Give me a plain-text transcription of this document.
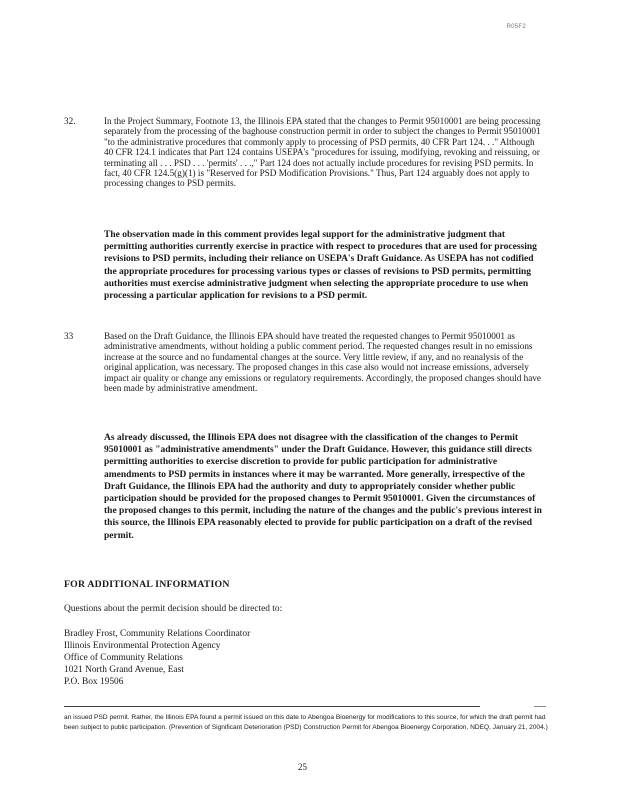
R05F2
32.	In the Project Summary, Footnote 13, the Illinois EPA stated that the changes to Permit 95010001 are being processing separately from the processing of the baghouse construction permit in order to subject the changes to Permit 95010001 "to the administrative procedures that commonly apply to processing of PSD permits, 40 CFR Part 124. . ." Although 40 CFR 124.1 indicates that Part 124 contains USEPA's "procedures for issuing, modifying, revoking and reissuing, or terminating all . . . PSD . . . 'permits' . . .," Part 124 does not actually include procedures for revising PSD permits. In fact, 40 CFR 124.5(g)(1) is "Reserved for PSD Modification Provisions." Thus, Part 124 arguably does not apply to processing changes to PSD permits.

The observation made in this comment provides legal support for the administrative judgment that permitting authorities currently exercise in practice with respect to procedures that are used for processing revisions to PSD permits, including their reliance on USEPA's Draft Guidance. As USEPA has not codified the appropriate procedures for processing various types or classes of revisions to PSD permits, permitting authorities must exercise administrative judgment when selecting the appropriate procedure to use when processing a particular application for revisions to a PSD permit.

33	Based on the Draft Guidance, the Illinois EPA should have treated the requested changes to Permit 95010001 as administrative amendments, without holding a public comment period. The requested changes result in no emissions increase at the source and no fundamental changes at the source. Very little review, if any, and no reanalysis of the original application, was necessary. The proposed changes in this case also would not increase emissions, adversely impact air quality or change any emissions or regulatory requirements. Accordingly, the proposed changes should have been made by administrative amendment.

As already discussed, the Illinois EPA does not disagree with the classification of the changes to Permit 95010001 as "administrative amendments" under the Draft Guidance. However, this guidance still directs permitting authorities to exercise discretion to provide for public participation for administrative amendments to PSD permits in instances where it may be warranted. More generally, irrespective of the Draft Guidance, the Illinois EPA had the authority and duty to appropriately consider whether public participation should be provided for the proposed changes to Permit 95010001. Given the circumstances of the proposed changes to this permit, including the nature of the changes and the public's previous interest in this source, the Illinois EPA reasonably elected to provide for public participation on a draft of the revised permit.

FOR ADDITIONAL INFORMATION
Questions about the permit decision should be directed to:
Bradley Frost, Community Relations Coordinator
Illinois Environmental Protection Agency
Office of Community Relations
1021 North Grand Avenue, East
P.O. Box 19506

an issued PSD permit. Rather, the Illinois EPA found a permit issued on this date to Abengoa Bioenergy for modifications to this source, for which the draft permit had been subject to public participation. (Prevention of Significant Deterioration (PSD) Construction Permit for Abengoa Bioenergy Corporation, NDEQ, January 21, 2004.)

25
